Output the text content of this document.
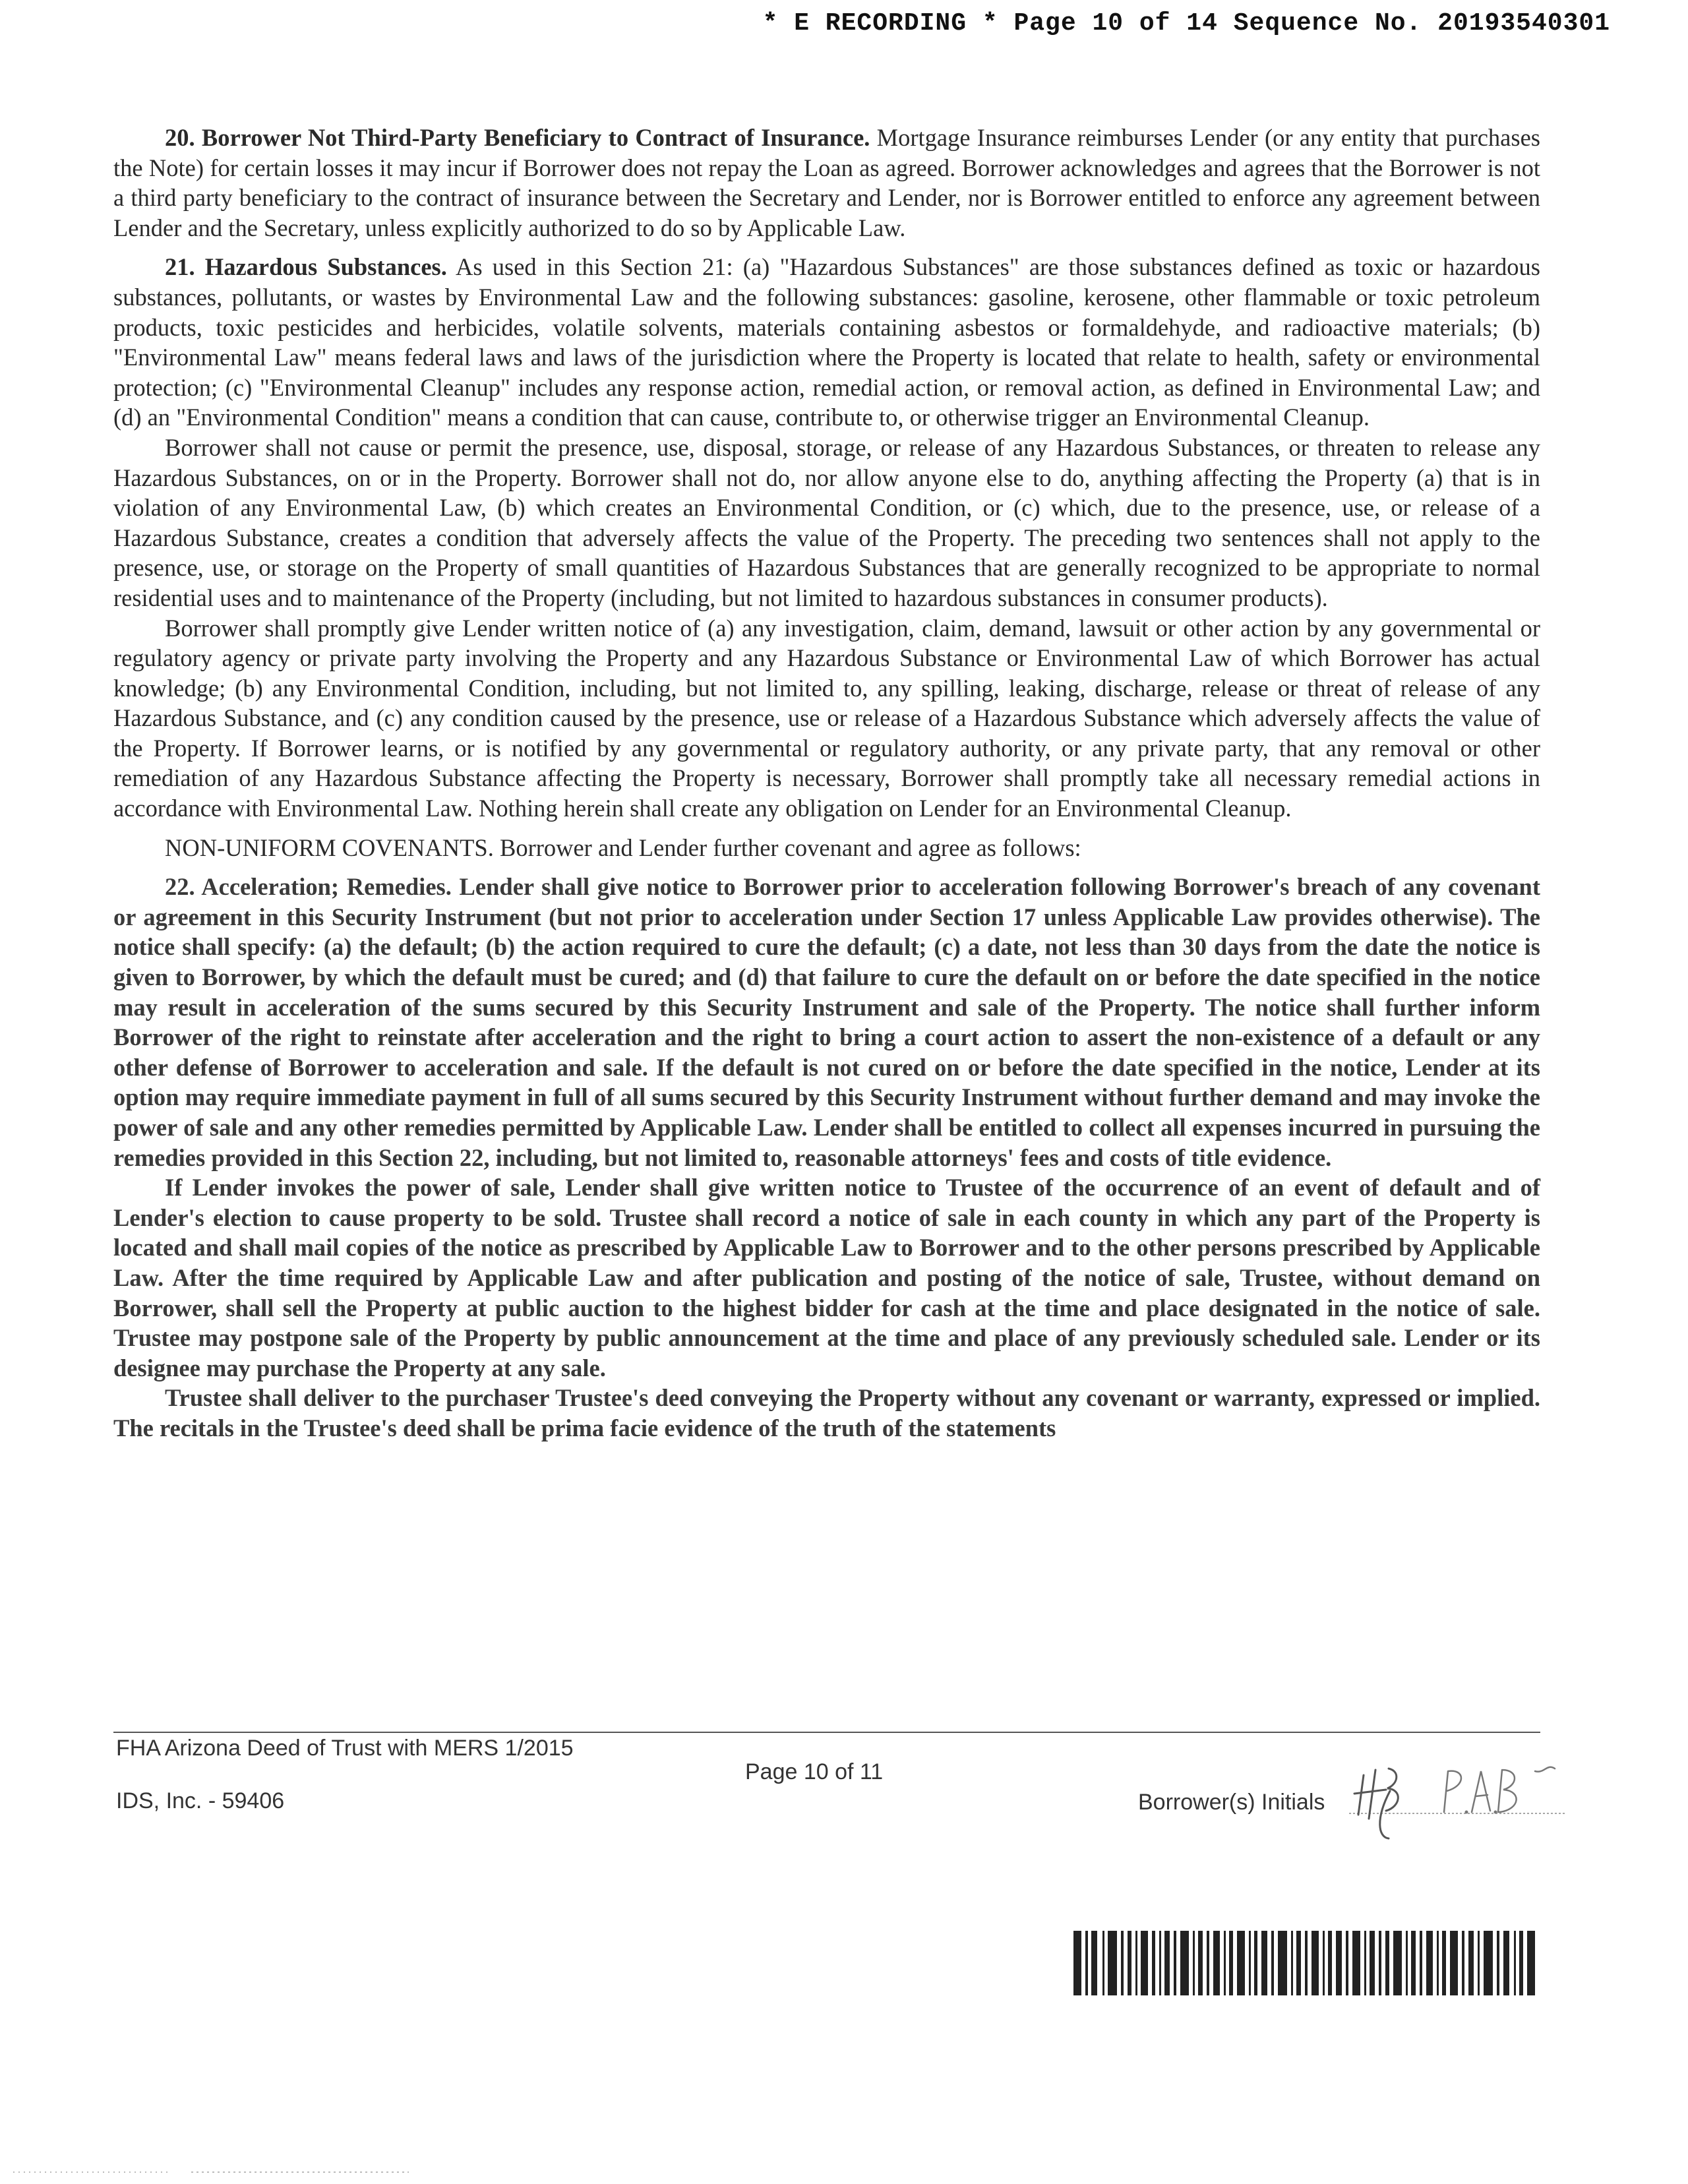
* E RECORDING * Page 10 of 14 Sequence No. 20193540301

20. Borrower Not Third-Party Beneficiary to Contract of Insurance. Mortgage Insurance reimburses Lender (or any entity that purchases the Note) for certain losses it may incur if Borrower does not repay the Loan as agreed. Borrower acknowledges and agrees that the Borrower is not a third party beneficiary to the contract of insurance between the Secretary and Lender, nor is Borrower entitled to enforce any agreement between Lender and the Secretary, unless explicitly authorized to do so by Applicable Law.

21. Hazardous Substances. As used in this Section 21: (a) "Hazardous Substances" are those substances defined as toxic or hazardous substances, pollutants, or wastes by Environmental Law and the following substances: gasoline, kerosene, other flammable or toxic petroleum products, toxic pesticides and herbicides, volatile solvents, materials containing asbestos or formaldehyde, and radioactive materials; (b) "Environmental Law" means federal laws and laws of the jurisdiction where the Property is located that relate to health, safety or environmental protection; (c) "Environmental Cleanup" includes any response action, remedial action, or removal action, as defined in Environmental Law; and (d) an "Environmental Condition" means a condition that can cause, contribute to, or otherwise trigger an Environmental Cleanup.

Borrower shall not cause or permit the presence, use, disposal, storage, or release of any Hazardous Substances, or threaten to release any Hazardous Substances, on or in the Property. Borrower shall not do, nor allow anyone else to do, anything affecting the Property (a) that is in violation of any Environmental Law, (b) which creates an Environmental Condition, or (c) which, due to the presence, use, or release of a Hazardous Substance, creates a condition that adversely affects the value of the Property. The preceding two sentences shall not apply to the presence, use, or storage on the Property of small quantities of Hazardous Substances that are generally recognized to be appropriate to normal residential uses and to maintenance of the Property (including, but not limited to hazardous substances in consumer products).

Borrower shall promptly give Lender written notice of (a) any investigation, claim, demand, lawsuit or other action by any governmental or regulatory agency or private party involving the Property and any Hazardous Substance or Environmental Law of which Borrower has actual knowledge; (b) any Environmental Condition, including, but not limited to, any spilling, leaking, discharge, release or threat of release of any Hazardous Substance, and (c) any condition caused by the presence, use or release of a Hazardous Substance which adversely affects the value of the Property. If Borrower learns, or is notified by any governmental or regulatory authority, or any private party, that any removal or other remediation of any Hazardous Substance affecting the Property is necessary, Borrower shall promptly take all necessary remedial actions in accordance with Environmental Law. Nothing herein shall create any obligation on Lender for an Environmental Cleanup.

NON-UNIFORM COVENANTS. Borrower and Lender further covenant and agree as follows:

22. Acceleration; Remedies. Lender shall give notice to Borrower prior to acceleration following Borrower's breach of any covenant or agreement in this Security Instrument (but not prior to acceleration under Section 17 unless Applicable Law provides otherwise). The notice shall specify: (a) the default; (b) the action required to cure the default; (c) a date, not less than 30 days from the date the notice is given to Borrower, by which the default must be cured; and (d) that failure to cure the default on or before the date specified in the notice may result in acceleration of the sums secured by this Security Instrument and sale of the Property. The notice shall further inform Borrower of the right to reinstate after acceleration and the right to bring a court action to assert the non-existence of a default or any other defense of Borrower to acceleration and sale. If the default is not cured on or before the date specified in the notice, Lender at its option may require immediate payment in full of all sums secured by this Security Instrument without further demand and may invoke the power of sale and any other remedies permitted by Applicable Law. Lender shall be entitled to collect all expenses incurred in pursuing the remedies provided in this Section 22, including, but not limited to, reasonable attorneys' fees and costs of title evidence.

If Lender invokes the power of sale, Lender shall give written notice to Trustee of the occurrence of an event of default and of Lender's election to cause property to be sold. Trustee shall record a notice of sale in each county in which any part of the Property is located and shall mail copies of the notice as prescribed by Applicable Law to Borrower and to the other persons prescribed by Applicable Law. After the time required by Applicable Law and after publication and posting of the notice of sale, Trustee, without demand on Borrower, shall sell the Property at public auction to the highest bidder for cash at the time and place designated in the notice of sale. Trustee may postpone sale of the Property by public announcement at the time and place of any previously scheduled sale. Lender or its designee may purchase the Property at any sale.

Trustee shall deliver to the purchaser Trustee's deed conveying the Property without any covenant or warranty, expressed or implied. The recitals in the Trustee's deed shall be prima facie evidence of the truth of the statements

FHA Arizona Deed of Trust with MERS 1/2015
IDS, Inc. - 59406
Page 10 of 11
Borrower(s) Initials
